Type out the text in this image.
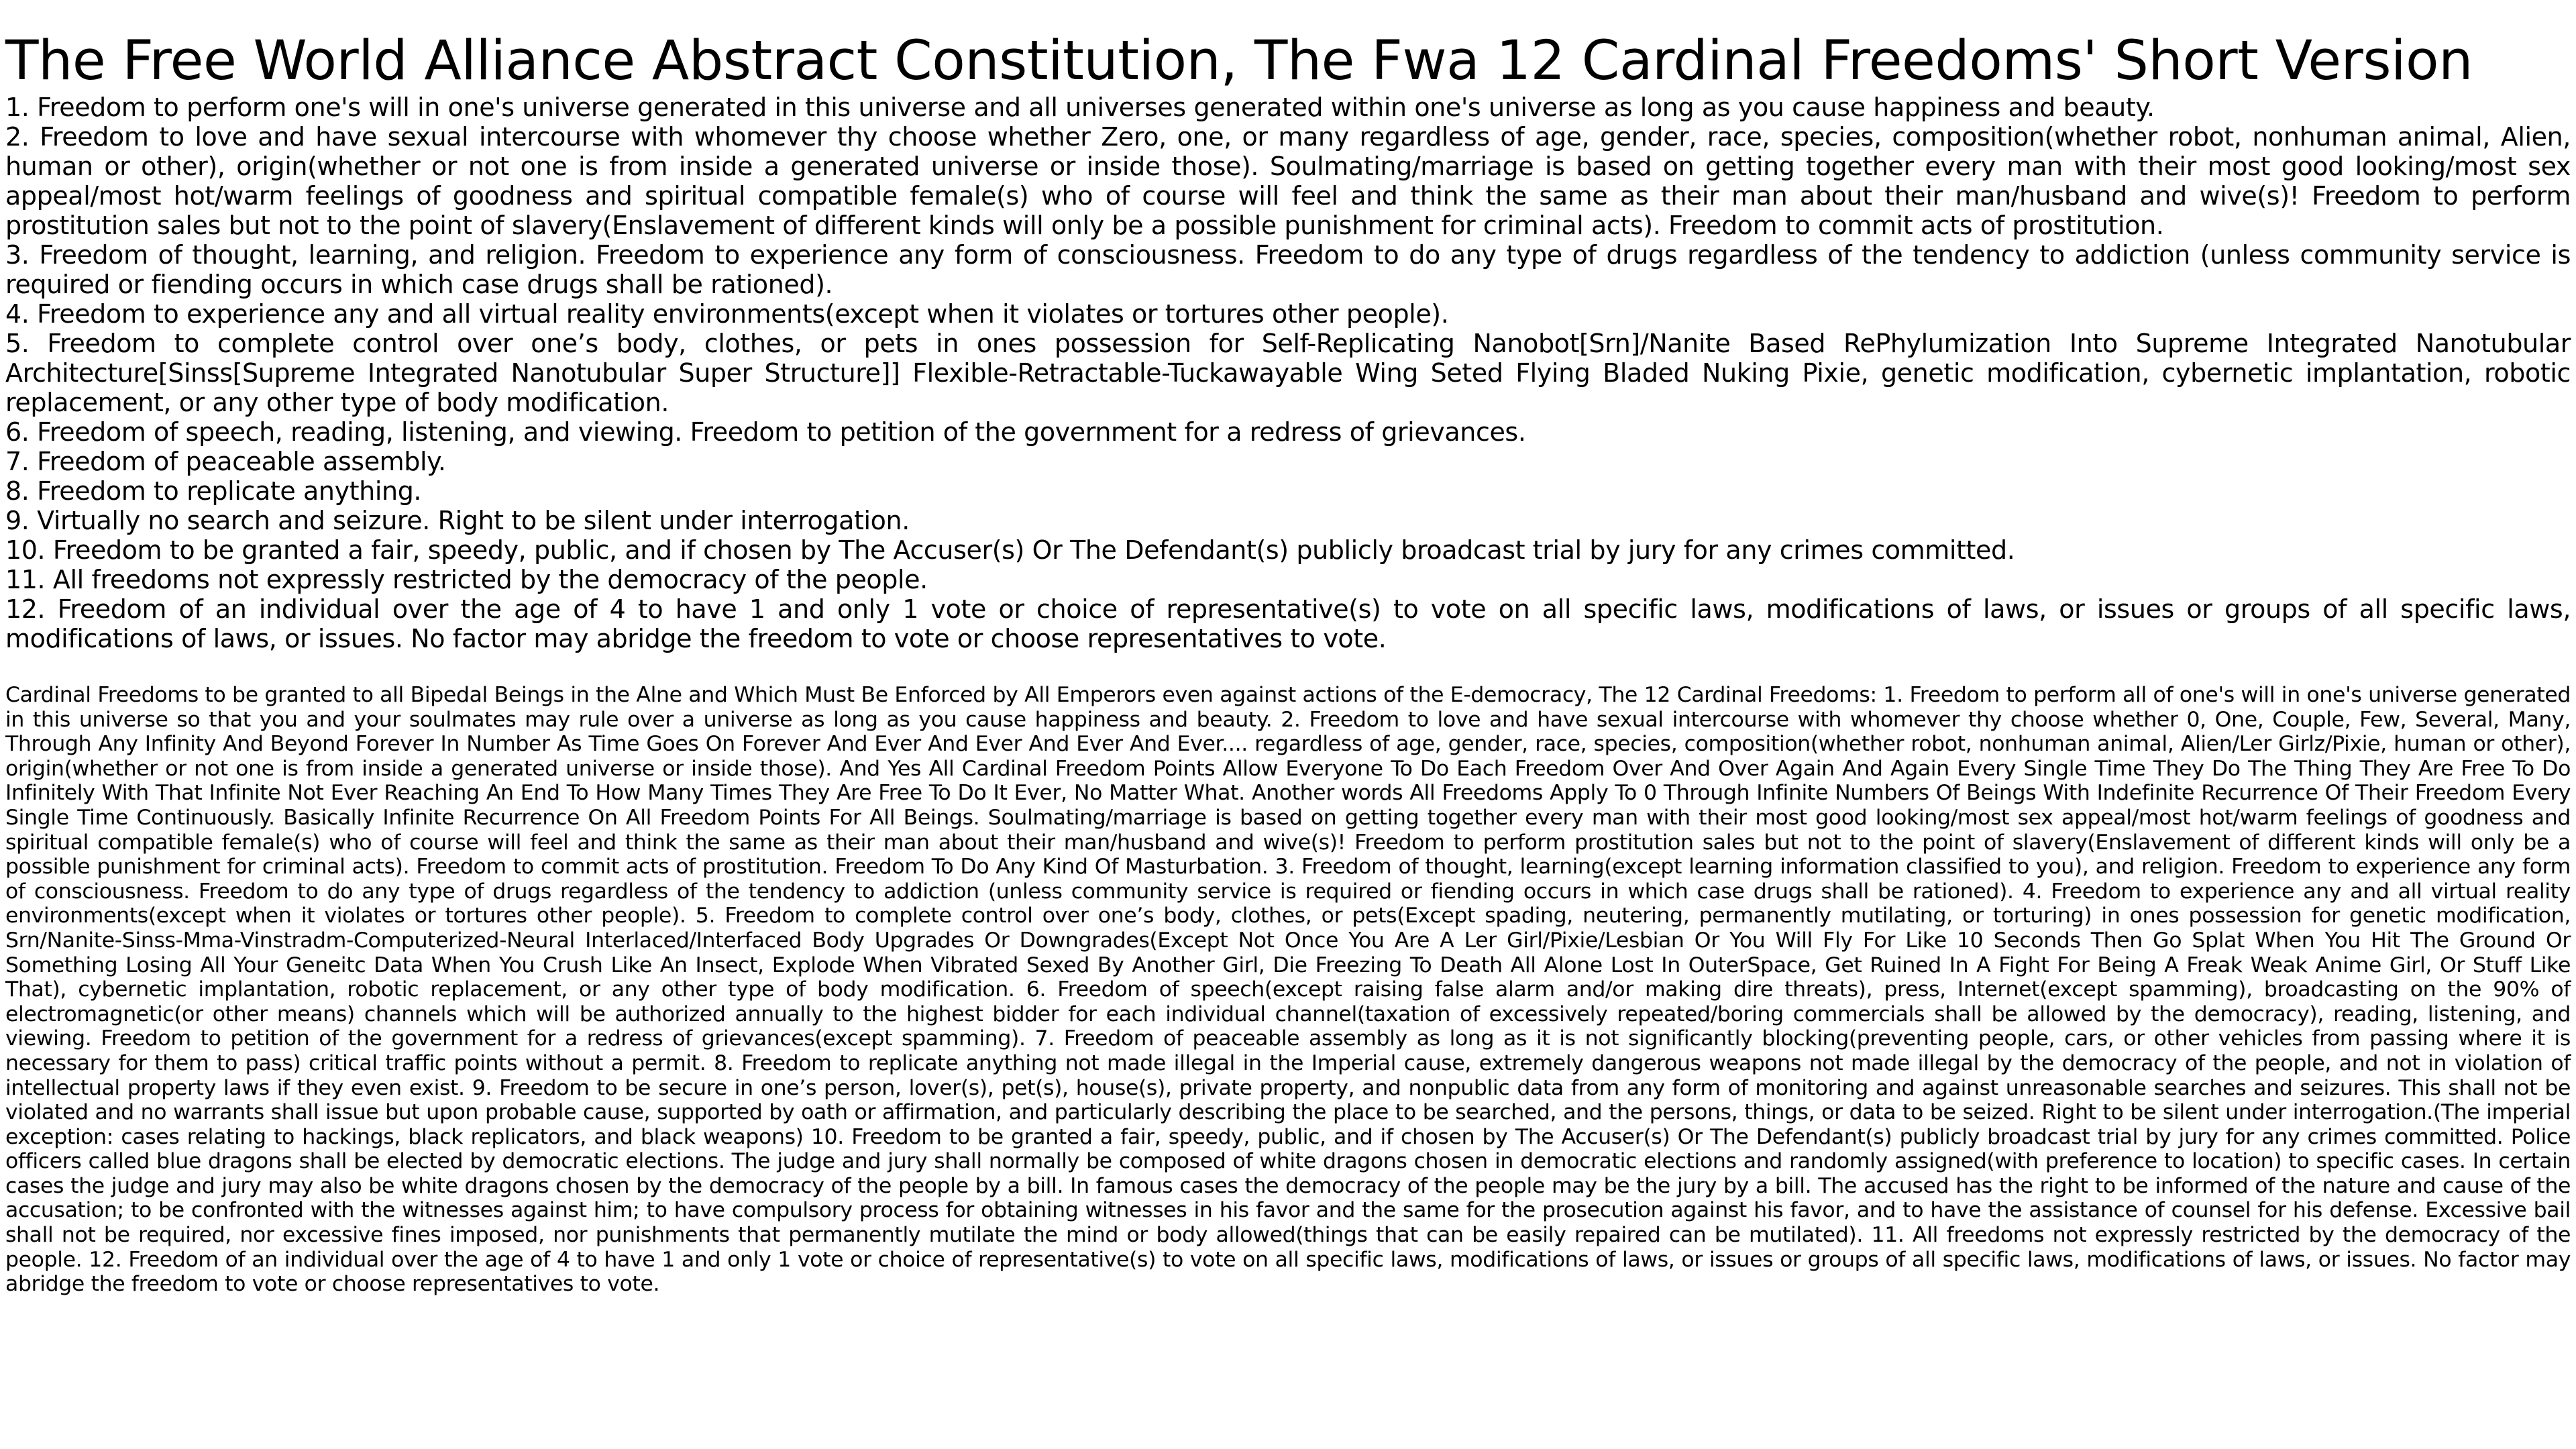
The Free World Alliance Abstract Constitution, The Fwa 12 Cardinal Freedoms' Short Version
1. Freedom to perform one's will in one's universe generated in this universe and all universes generated within one's universe as long as you cause happiness and beauty.
2. Freedom to love and have sexual intercourse with whomever thy choose whether Zero, one, or many regardless of age, gender, race, species, composition(whether robot, nonhuman animal, Alien, human or other), origin(whether or not one is from inside a generated universe or inside those). Soulmating/marriage is based on getting together every man with their most good looking/most sex appeal/most hot/warm feelings of goodness and spiritual compatible female(s) who of course will feel and think the same as their man about their man/husband and wive(s)! Freedom to perform prostitution sales but not to the point of slavery(Enslavement of different kinds will only be a possible punishment for criminal acts). Freedom to commit acts of prostitution.
3. Freedom of thought, learning, and religion. Freedom to experience any form of consciousness. Freedom to do any type of drugs regardless of the tendency to addiction (unless community service is required or fiending occurs in which case drugs shall be rationed).
4. Freedom to experience any and all virtual reality environments(except when it violates or tortures other people).
5. Freedom to complete control over one’s body, clothes, or pets in ones possession for Self-Replicating Nanobot[Srn]/Nanite Based RePhylumization Into Supreme Integrated Nanotubular Architecture[Sinss[Supreme Integrated Nanotubular Super Structure]] Flexible-Retractable-Tuckawayable Wing Seted Flying Bladed Nuking Pixie, genetic modification, cybernetic implantation, robotic replacement, or any other type of body modification.
6. Freedom of speech, reading, listening, and viewing. Freedom to petition of the government for a redress of grievances.
7. Freedom of peaceable assembly.
8. Freedom to replicate anything.
9. Virtually no search and seizure. Right to be silent under interrogation.
10. Freedom to be granted a fair, speedy, public, and if chosen by The Accuser(s) Or The Defendant(s) publicly broadcast trial by jury for any crimes committed.
11. All freedoms not expressly restricted by the democracy of the people.
12. Freedom of an individual over the age of 4 to have 1 and only 1 vote or choice of representative(s) to vote on all specific laws, modifications of laws, or issues or groups of all specific laws, modifications of laws, or issues. No factor may abridge the freedom to vote or choose representatives to vote.

Cardinal Freedoms to be granted to all Bipedal Beings in the Alne and Which Must Be Enforced by All Emperors even against actions of the E-democracy, The 12 Cardinal Freedoms: 1. Freedom to perform all of one's will in one's universe generated in this universe so that you and your soulmates may rule over a universe as long as you cause happiness and beauty. 2. Freedom to love and have sexual intercourse with whomever thy choose whether 0, One, Couple, Few, Several, Many, Through Any Infinity And Beyond Forever In Number As Time Goes On Forever And Ever And Ever And Ever And Ever.... regardless of age, gender, race, species, composition(whether robot, nonhuman animal, Alien/Ler Girlz/Pixie, human or other), origin(whether or not one is from inside a generated universe or inside those). And Yes All Cardinal Freedom Points Allow Everyone To Do Each Freedom Over And Over Again And Again Every Single Time They Do The Thing They Are Free To Do Infinitely With That Infinite Not Ever Reaching An End To How Many Times They Are Free To Do It Ever, No Matter What. Another words All Freedoms Apply To 0 Through Infinite Numbers Of Beings With Indefinite Recurrence Of Their Freedom Every Single Time Continuously. Basically Infinite Recurrence On All Freedom Points For All Beings. Soulmating/marriage is based on getting together every man with their most good looking/most sex appeal/most hot/warm feelings of goodness and spiritual compatible female(s) who of course will feel and think the same as their man about their man/husband and wive(s)! Freedom to perform prostitution sales but not to the point of slavery(Enslavement of different kinds will only be a possible punishment for criminal acts). Freedom to commit acts of prostitution. Freedom To Do Any Kind Of Masturbation. 3. Freedom of thought, learning(except learning information classified to you), and religion. Freedom to experience any form of consciousness. Freedom to do any type of drugs regardless of the tendency to addiction (unless community service is required or fiending occurs in which case drugs shall be rationed). 4. Freedom to experience any and all virtual reality environments(except when it violates or tortures other people). 5. Freedom to complete control over one’s body, clothes, or pets(Except spading, neutering, permanently mutilating, or torturing) in ones possession for genetic modification, Srn/Nanite-Sinss-Mma-Vinstradm-Computerized-Neural Interlaced/Interfaced Body Upgrades Or Downgrades(Except Not Once You Are A Ler Girl/Pixie/Lesbian Or You Will Fly For Like 10 Seconds Then Go Splat When You Hit The Ground Or Something Losing All Your Geneitc Data When You Crush Like An Insect, Explode When Vibrated Sexed By Another Girl, Die Freezing To Death All Alone Lost In OuterSpace, Get Ruined In A Fight For Being A Freak Weak Anime Girl, Or Stuff Like That), cybernetic implantation, robotic replacement, or any other type of body modification. 6. Freedom of speech(except raising false alarm and/or making dire threats), press, Internet(except spamming), broadcasting on the 90% of electromagnetic(or other means) channels which will be authorized annually to the highest bidder for each individual channel(taxation of excessively repeated/boring commercials shall be allowed by the democracy), reading, listening, and viewing. Freedom to petition of the government for a redress of grievances(except spamming). 7. Freedom of peaceable assembly as long as it is not significantly blocking(preventing people, cars, or other vehicles from passing where it is necessary for them to pass) critical traffic points without a permit. 8. Freedom to replicate anything not made illegal in the Imperial cause, extremely dangerous weapons not made illegal by the democracy of the people, and not in violation of intellectual property laws if they even exist. 9. Freedom to be secure in one’s person, lover(s), pet(s), house(s), private property, and nonpublic data from any form of monitoring and against unreasonable searches and seizures. This shall not be violated and no warrants shall issue but upon probable cause, supported by oath or affirmation, and particularly describing the place to be searched, and the persons, things, or data to be seized. Right to be silent under interrogation.(The imperial exception: cases relating to hackings, black replicators, and black weapons) 10. Freedom to be granted a fair, speedy, public, and if chosen by The Accuser(s) Or The Defendant(s) publicly broadcast trial by jury for any crimes committed. Police officers called blue dragons shall be elected by democratic elections. The judge and jury shall normally be composed of white dragons chosen in democratic elections and randomly assigned(with preference to location) to specific cases. In certain cases the judge and jury may also be white dragons chosen by the democracy of the people by a bill. In famous cases the democracy of the people may be the jury by a bill. The accused has the right to be informed of the nature and cause of the accusation; to be confronted with the witnesses against him; to have compulsory process for obtaining witnesses in his favor and the same for the prosecution against his favor, and to have the assistance of counsel for his defense. Excessive bail shall not be required, nor excessive fines imposed, nor punishments that permanently mutilate the mind or body allowed(things that can be easily repaired can be mutilated). 11. All freedoms not expressly restricted by the democracy of the people. 12. Freedom of an individual over the age of 4 to have 1 and only 1 vote or choice of representative(s) to vote on all specific laws, modifications of laws, or issues or groups of all specific laws, modifications of laws, or issues. No factor may abridge the freedom to vote or choose representatives to vote.
